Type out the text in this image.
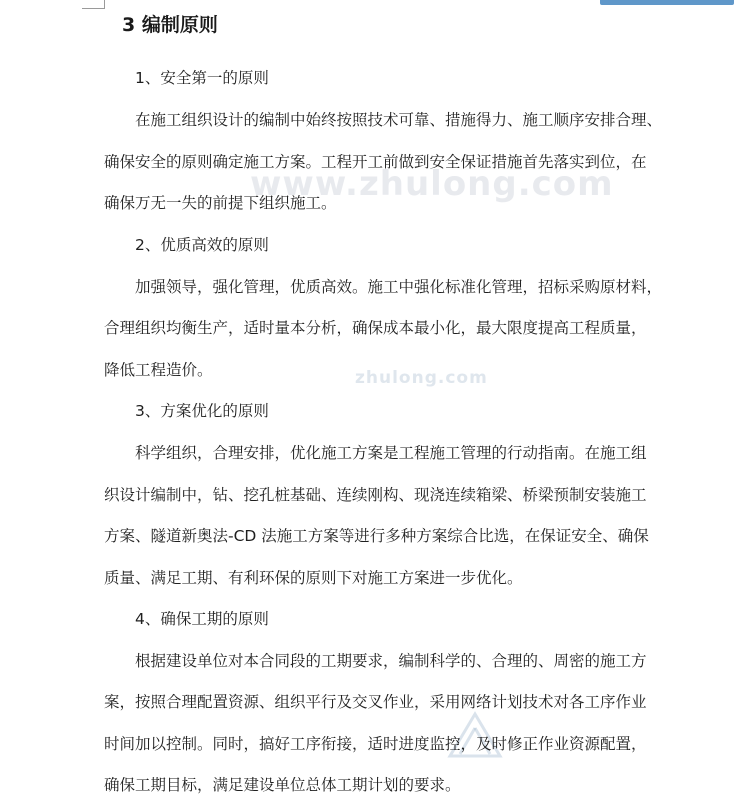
www.zhulong.com
zhulong.com
3 编制原则
1、安全第一的原则
在施工组织设计的编制中始终按照技术可靠、措施得力、施工顺序安排合理、
确保安全的原则确定施工方案。工程开工前做到安全保证措施首先落实到位，在
确保万无一失的前提下组织施工。
2、优质高效的原则
加强领导，强化管理，优质高效。施工中强化标准化管理，招标采购原材料，
合理组织均衡生产，适时量本分析，确保成本最小化，最大限度提高工程质量，
降低工程造价。
3、方案优化的原则
科学组织，合理安排，优化施工方案是工程施工管理的行动指南。在施工组
织设计编制中，钻、挖孔桩基础、连续刚构、现浇连续箱梁、桥梁预制安装施工
方案、隧道新奥法-CD 法施工方案等进行多种方案综合比选，在保证安全、确保
质量、满足工期、有利环保的原则下对施工方案进一步优化。
4、确保工期的原则
根据建设单位对本合同段的工期要求，编制科学的、合理的、周密的施工方
案，按照合理配置资源、组织平行及交叉作业，采用网络计划技术对各工序作业
时间加以控制。同时，搞好工序衔接，适时进度监控，及时修正作业资源配置，
确保工期目标，满足建设单位总体工期计划的要求。
